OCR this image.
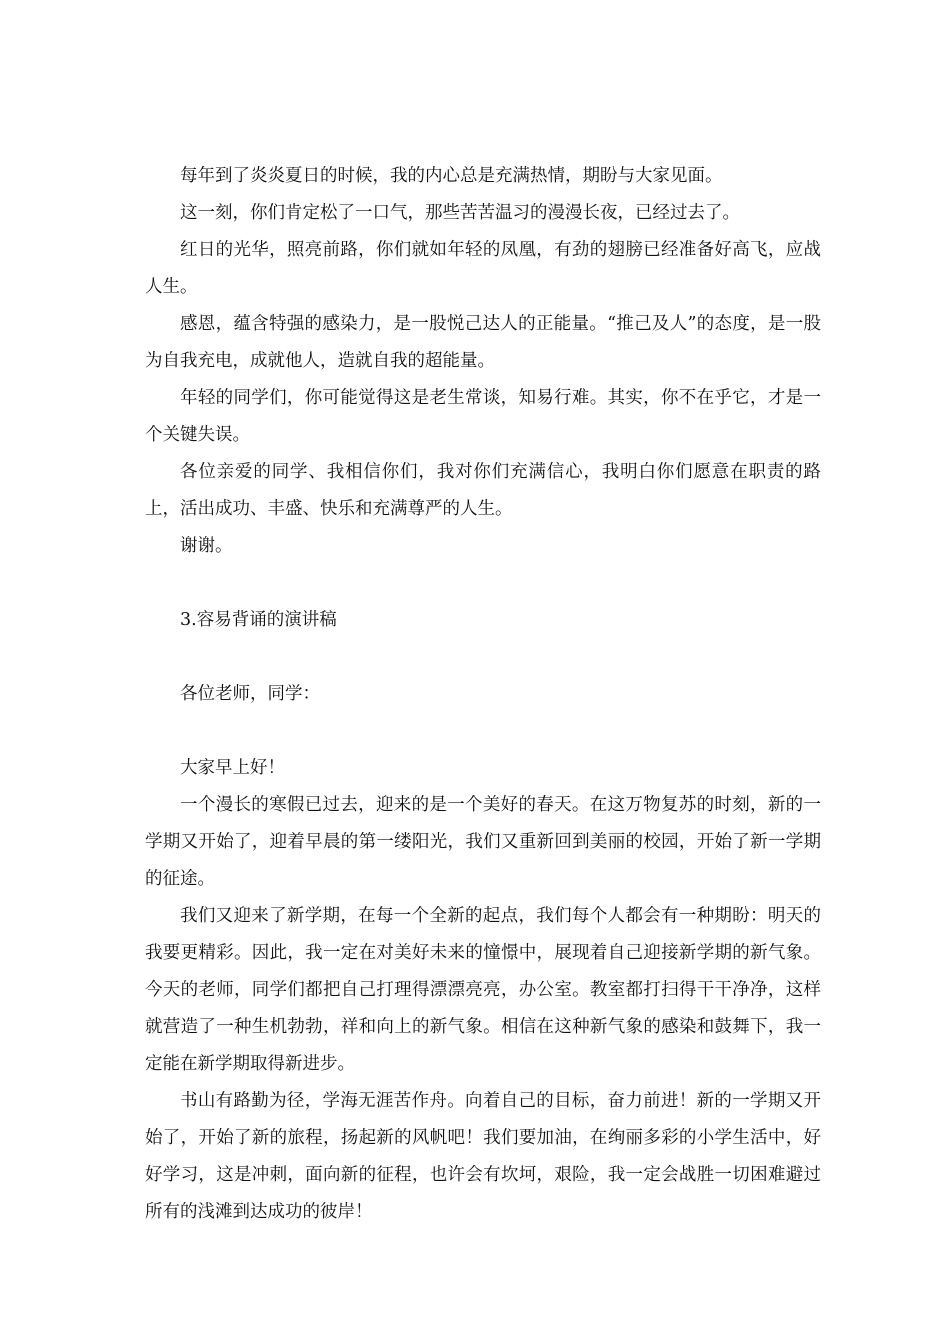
每年到了炎炎夏日的时候，我的内心总是充满热情，期盼与大家见面。

这一刻，你们肯定松了一口气，那些苦苦温习的漫漫长夜，已经过去了。

红日的光华，照亮前路，你们就如年轻的凤凰，有劲的翅膀已经准备好高飞，应战人生。

感恩，蕴含特强的感染力，是一股悦己达人的正能量。“推己及人”的态度，是一股为自我充电，成就他人，造就自我的超能量。

年轻的同学们，你可能觉得这是老生常谈，知易行难。其实，你不在乎它，才是一个关键失误。

各位亲爱的同学、我相信你们，我对你们充满信心，我明白你们愿意在职责的路上，活出成功、丰盛、快乐和充满尊严的人生。

谢谢。

3.容易背诵的演讲稿

各位老师，同学：

大家早上好！

一个漫长的寒假已过去，迎来的是一个美好的春天。在这万物复苏的时刻，新的一学期又开始了，迎着早晨的第一缕阳光，我们又重新回到美丽的校园，开始了新一学期的征途。

我们又迎来了新学期，在每一个全新的起点，我们每个人都会有一种期盼：明天的我要更精彩。因此，我一定在对美好未来的憧憬中，展现着自己迎接新学期的新气象。今天的老师，同学们都把自己打理得漂漂亮亮，办公室。教室都打扫得干干净净，这样就营造了一种生机勃勃，祥和向上的新气象。相信在这种新气象的感染和鼓舞下，我一定能在新学期取得新进步。

书山有路勤为径，学海无涯苦作舟。向着自己的目标，奋力前进！新的一学期又开始了，开始了新的旅程，扬起新的风帆吧！我们要加油，在绚丽多彩的小学生活中，好好学习，这是冲刺，面向新的征程，也许会有坎坷，艰险，我一定会战胜一切困难避过所有的浅滩到达成功的彼岸！
